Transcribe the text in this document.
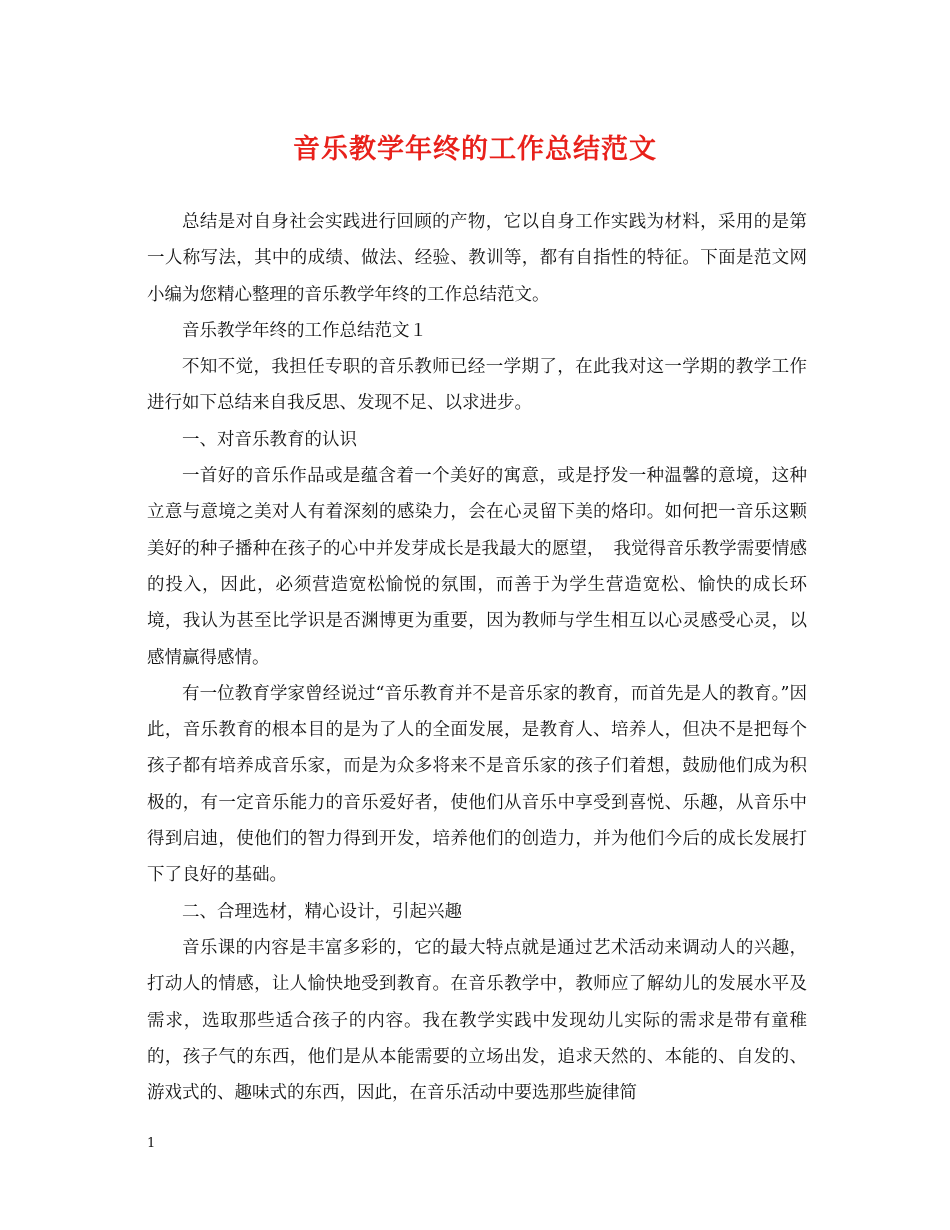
音乐教学年终的工作总结范文

总结是对自身社会实践进行回顾的产物，它以自身工作实践为材料，采用的是第一人称写法，其中的成绩、做法、经验、教训等，都有自指性的特征。下面是范文网小编为您精心整理的音乐教学年终的工作总结范文。

音乐教学年终的工作总结范文１

不知不觉，我担任专职的音乐教师已经一学期了，在此我对这一学期的教学工作进行如下总结来自我反思、发现不足、以求进步。

一、对音乐教育的认识

一首好的音乐作品或是蕴含着一个美好的寓意，或是抒发一种温馨的意境，这种立意与意境之美对人有着深刻的感染力，会在心灵留下美的烙印。如何把一音乐这颗美好的种子播种在孩子的心中并发芽成长是我最大的愿望，　我觉得音乐教学需要情感的投入，因此，必须营造宽松愉悦的氛围，而善于为学生营造宽松、愉快的成长环境，我认为甚至比学识是否渊博更为重要，因为教师与学生相互以心灵感受心灵，以感情赢得感情。

有一位教育学家曾经说过“音乐教育并不是音乐家的教育，而首先是人的教育。”因此，音乐教育的根本目的是为了人的全面发展，是教育人、培养人，但决不是把每个孩子都有培养成音乐家，而是为众多将来不是音乐家的孩子们着想，鼓励他们成为积极的，有一定音乐能力的音乐爱好者，使他们从音乐中享受到喜悦、乐趣，从音乐中得到启迪，使他们的智力得到开发，培养他们的创造力，并为他们今后的成长发展打下了良好的基础。

二、合理选材，精心设计，引起兴趣

音乐课的内容是丰富多彩的，它的最大特点就是通过艺术活动来调动人的兴趣，打动人的情感，让人愉快地受到教育。在音乐教学中，教师应了解幼儿的发展水平及需求，选取那些适合孩子的内容。我在教学实践中发现幼儿实际的需求是带有童稚的，孩子气的东西，他们是从本能需要的立场出发，追求天然的、本能的、自发的、游戏式的、趣味式的东西，因此，在音乐活动中要选那些旋律简

1
